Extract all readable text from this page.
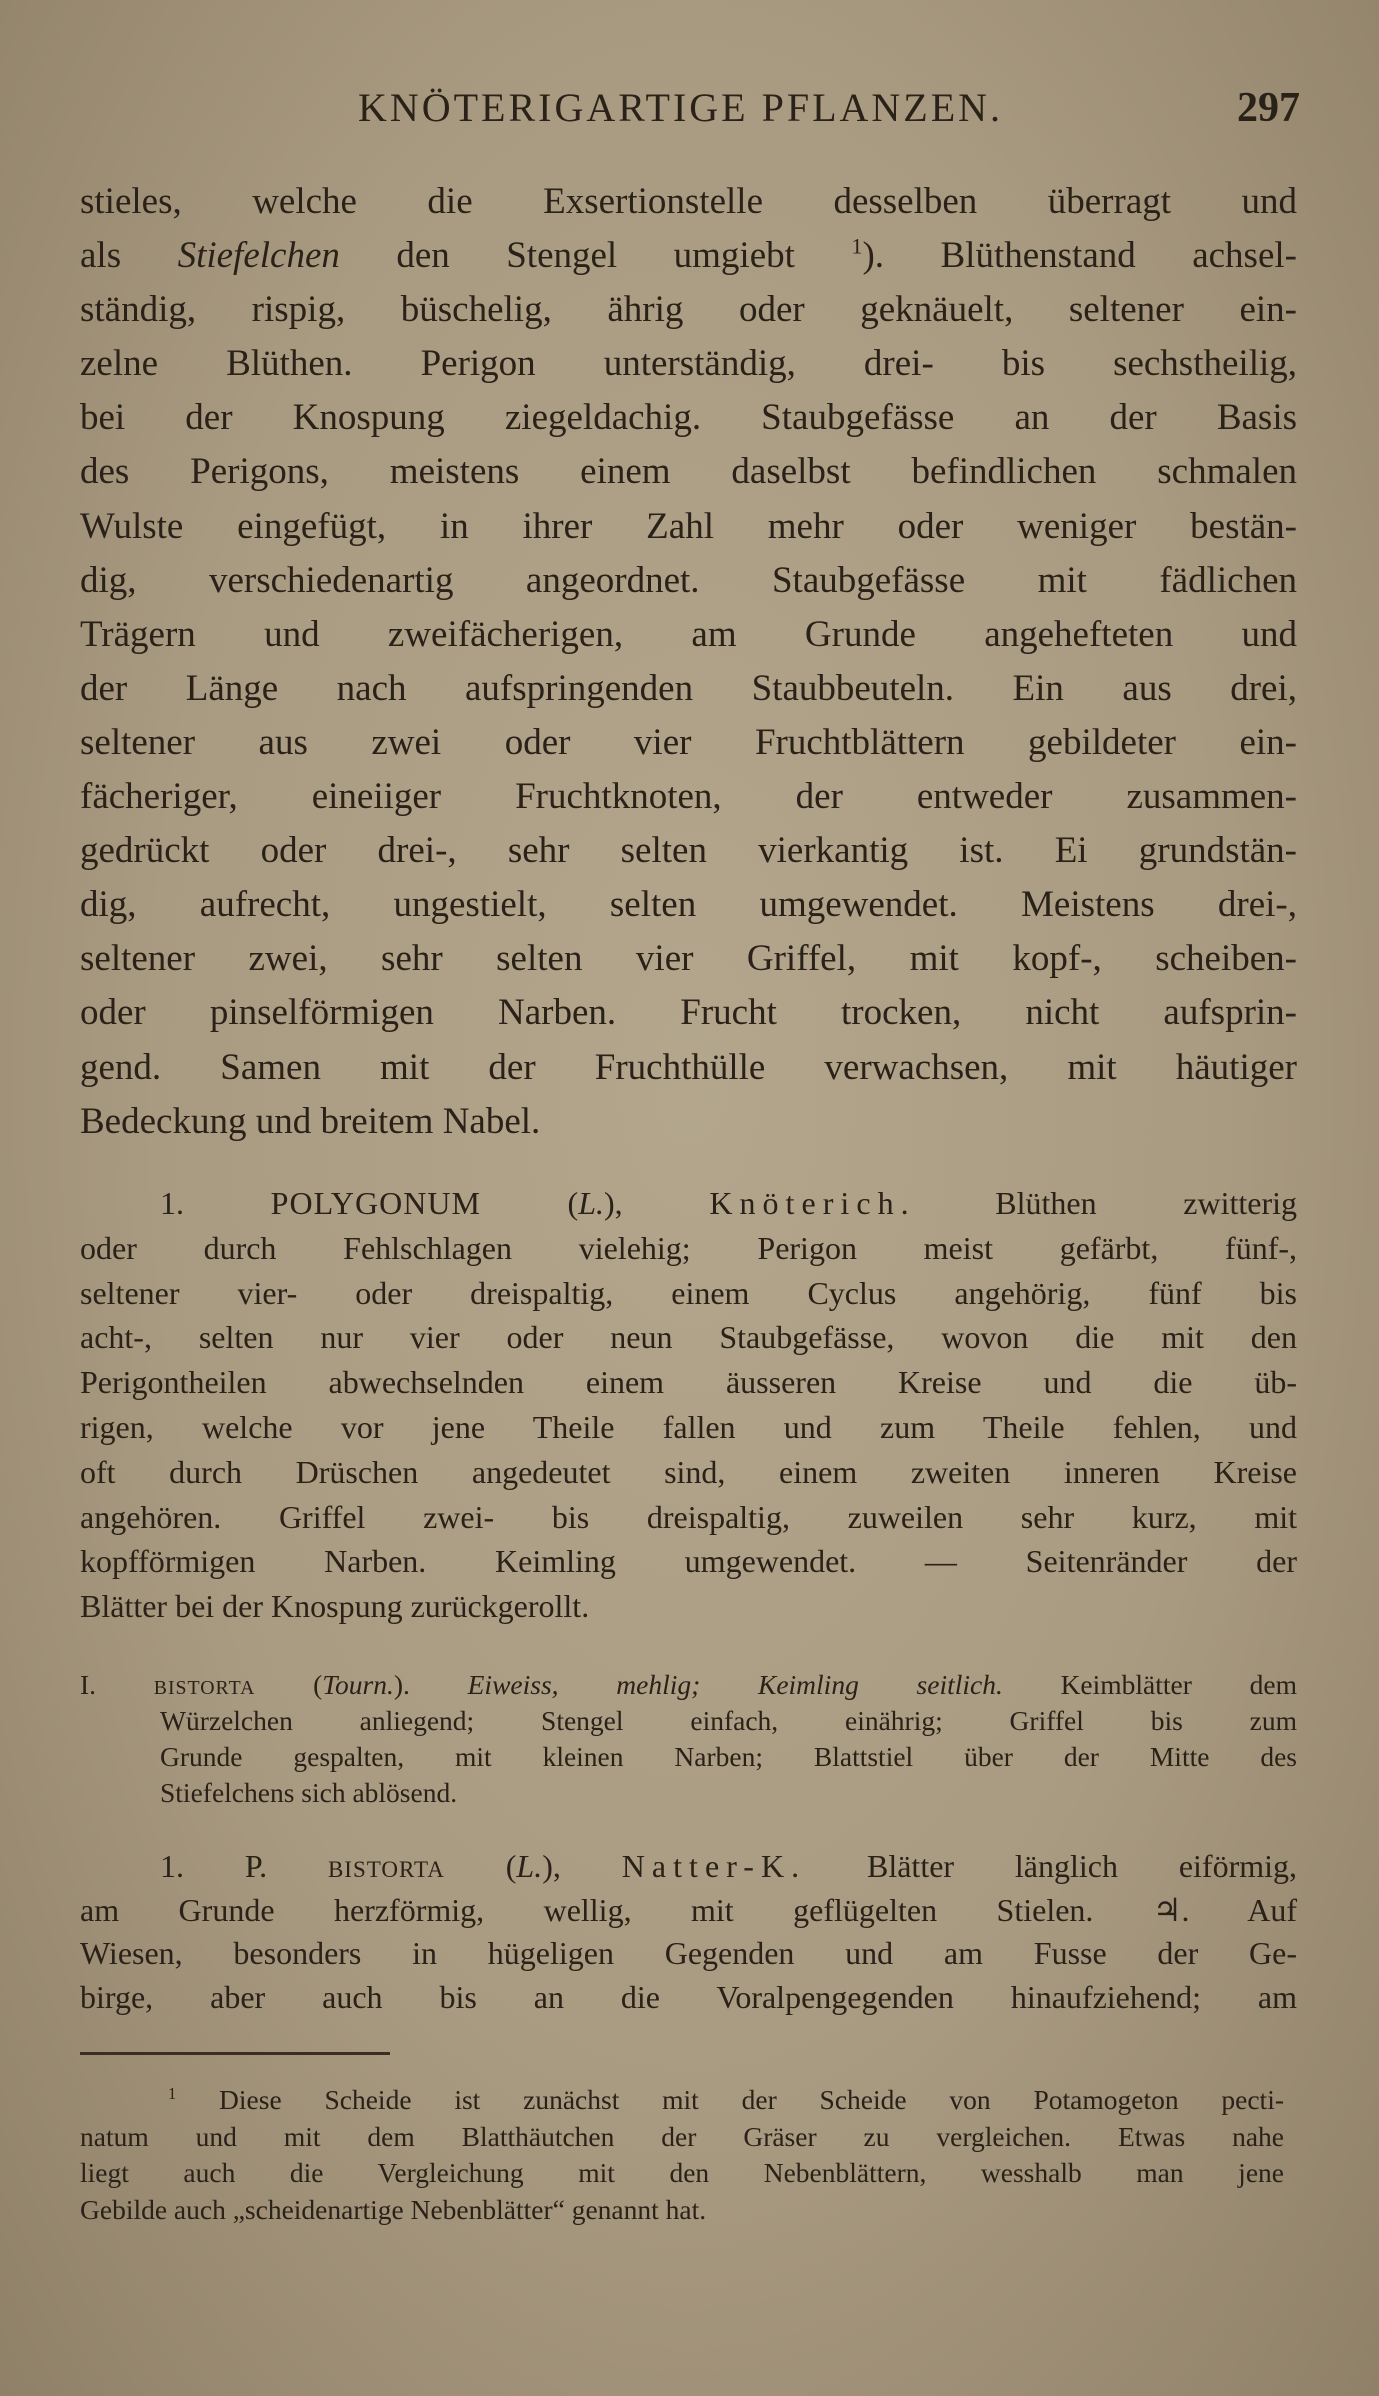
KNÖTERIGARTIGE PFLANZEN.	297
stieles, welche die Exsertionstelle desselben überragt und
als Stiefelchen den Stengel umgiebt $^1$). Blüthenstand achsel-
ständig, rispig, büschelig, ährig oder geknäuelt, seltener ein-
zelne Blüthen. Perigon unterständig, drei- bis sechstheilig,
bei der Knospung ziegeldachig. Staubgefässe an der Basis
des Perigons, meistens einem daselbst befindlichen schmalen
Wulste eingefügt, in ihrer Zahl mehr oder weniger bestän-
dig, verschiedenartig angeordnet. Staubgefässe mit fädlichen
Trägern und zweifächerigen, am Grunde angehefteten und
der Länge nach aufspringenden Staubbeuteln. Ein aus drei,
seltener aus zwei oder vier Fruchtblättern gebildeter ein-
fächeriger, eineiiger Fruchtknoten, der entweder zusammen-
gedrückt oder drei-, sehr selten vierkantig ist. Ei grundstän-
dig, aufrecht, ungestielt, selten umgewendet. Meistens drei-,
seltener zwei, sehr selten vier Griffel, mit kopf-, scheiben-
oder pinselförmigen Narben. Frucht trocken, nicht aufsprin-
gend. Samen mit der Fruchthülle verwachsen, mit häutiger
Bedeckung und breitem Nabel.
1. POLYGONUM (L.), Knöterich. Blüthen zwitterig
oder durch Fehlschlagen vielehig; Perigon meist gefärbt, fünf-,
seltener vier- oder dreispaltig, einem Cyclus angehörig, fünf bis
acht-, selten nur vier oder neun Staubgefässe, wovon die mit den
Perigontheilen abwechselnden einem äusseren Kreise und die üb-
rigen, welche vor jene Theile fallen und zum Theile fehlen, und
oft durch Drüschen angedeutet sind, einem zweiten inneren Kreise
angehören. Griffel zwei- bis dreispaltig, zuweilen sehr kurz, mit
kopfförmigen Narben. Keimling umgewendet. — Seitenränder der
Blätter bei der Knospung zurückgerollt.
I. BISTORTA (Tourn.). Eiweiss, mehlig; Keimling seitlich. Keimblätter dem
Würzelchen anliegend; Stengel einfach, einährig; Griffel bis zum
Grunde gespalten, mit kleinen Narben; Blattstiel über der Mitte des
Stiefelchens sich ablösend.
1. P. BISTORTA (L.), Natter-K. Blätter länglich eiförmig,
am Grunde herzförmig, wellig, mit geflügelten Stielen. ♃. Auf
Wiesen, besonders in hügeligen Gegenden und am Fusse der Ge-
birge, aber auch bis an die Voralpengegenden hinaufziehend; am
$^1$ Diese Scheide ist zunächst mit der Scheide von Potamogeton pecti-
natum und mit dem Blatthäutchen der Gräser zu vergleichen. Etwas nahe
liegt auch die Vergleichung mit den Nebenblättern, wesshalb man jene
Gebilde auch „scheidenartige Nebenblätter“ genannt hat.
